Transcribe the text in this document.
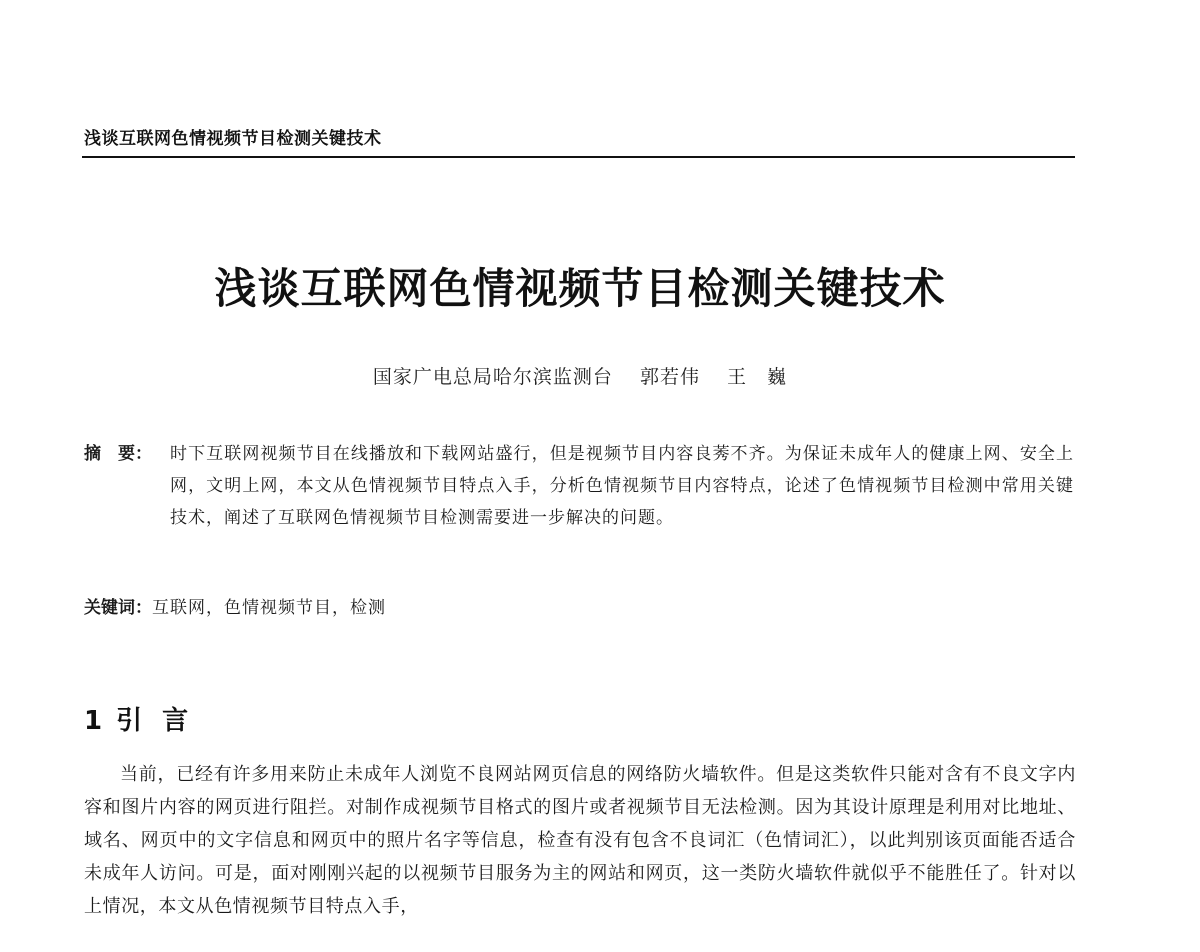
浅谈互联网色情视频节目检测关键技术
浅谈互联网色情视频节目检测关键技术
国家广电总局哈尔滨监测台 郭若伟 王　巍
摘　要： 时下互联网视频节目在线播放和下载网站盛行，但是视频节目内容良莠不齐。为保证未成年人的健康上网、安全上网，文明上网，本文从色情视频节目特点入手，分析色情视频节目内容特点，论述了色情视频节目检测中常用关键技术，阐述了互联网色情视频节目检测需要进一步解决的问题。
关键词：互联网，色情视频节目，检测
1 引言

当前，已经有许多用来防止未成年人浏览不良网站网页信息的网络防火墙软件。但是这类软件只能对含有不良文字内容和图片内容的网页进行阻拦。对制作成视频节目格式的图片或者视频节目无法检测。因为其设计原理是利用对比地址、域名、网页中的文字信息和网页中的照片名字等信息，检查有没有包含不良词汇（色情词汇），以此判别该页面能否适合未成年人访问。可是，面对刚刚兴起的以视频节目服务为主的网站和网页，这一类防火墙软件就似乎不能胜任了。针对以上情况，本文从色情视频节目特点入手，
